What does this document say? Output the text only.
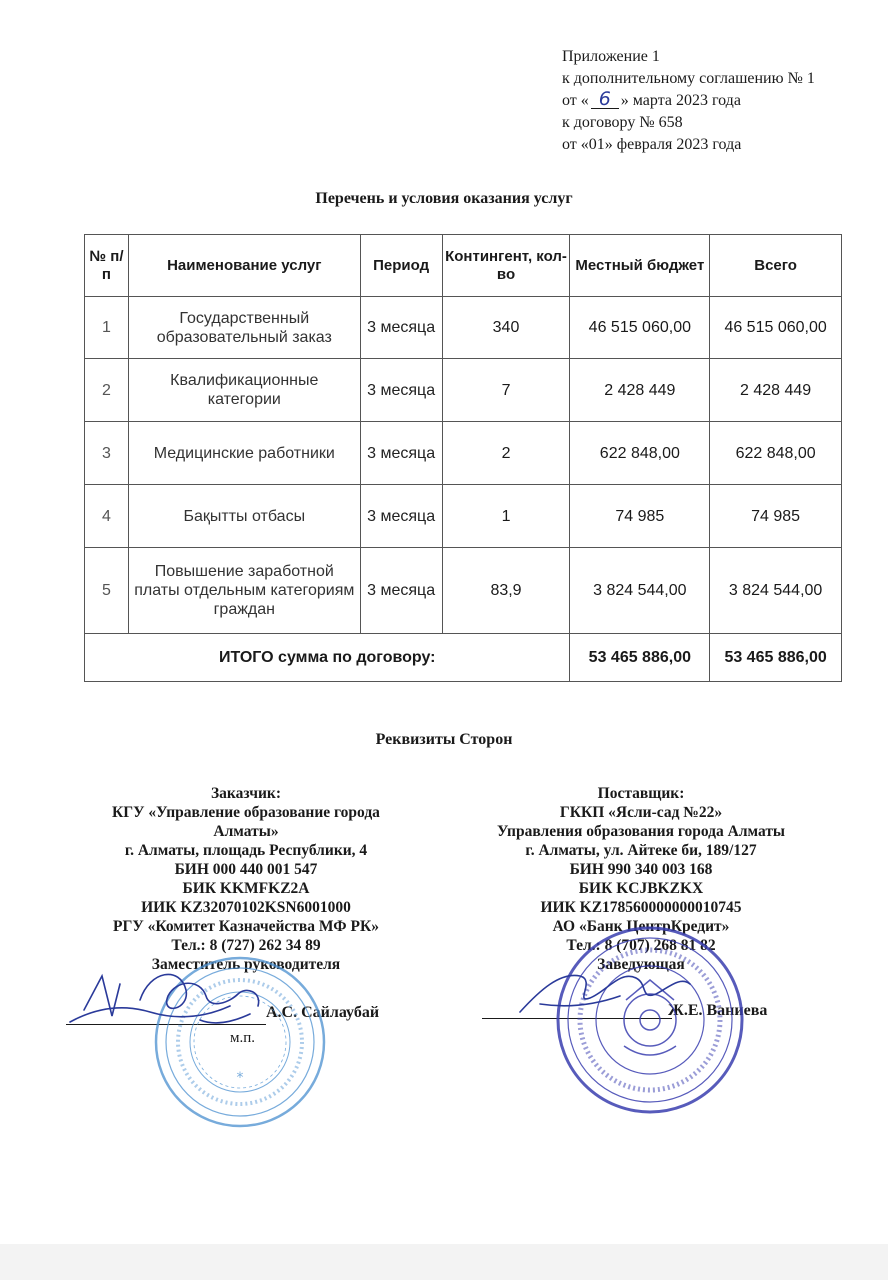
Приложение 1
к дополнительному соглашению № 1
от « 6 » марта 2023 года
к договору № 658
от «01» февраля 2023 года
Перечень и условия оказания услуг
№ п/п	Наименование услуг	Период	Контингент, кол-во	Местный бюджет	Всего
1	Государственный образовательный заказ	3 месяца	340	46 515 060,00	46 515 060,00
2	Квалификационные категории	3 месяца	7	2 428 449	2 428 449
3	Медицинские работники	3 месяца	2	622 848,00	622 848,00
4	Бақытты отбасы	3 месяца	1	74 985	74 985
5	Повышение заработной платы отдельным категориям граждан	3 месяца	83,9	3 824 544,00	3 824 544,00
ИТОГО сумма по договору:				53 465 886,00	53 465 886,00
Реквизиты Сторон
Заказчик:
КГУ «Управление образование города
Алматы»
г. Алматы, площадь Республики, 4
БИН 000 440 001 547
БИК KKMFKZ2A
ИИК KZ32070102KSN6001000
РГУ «Комитет Казначейства МФ РК»
Тел.: 8 (727) 262 34 89
Заместитель руководителя
Поставщик:
ГККП «Ясли-сад №22»
Управления образования города Алматы
г. Алматы, ул. Айтеке би, 189/127
БИН 990 340 003 168
БИК KCJBKZKX
ИИК KZ178560000000010745
АО «Банк ЦентрКредит»
Тел.: 8 (707) 268 81 82
Заведующая
А.С. Сайлаубай
м.п.
Ж.Е. Ваниева
*
